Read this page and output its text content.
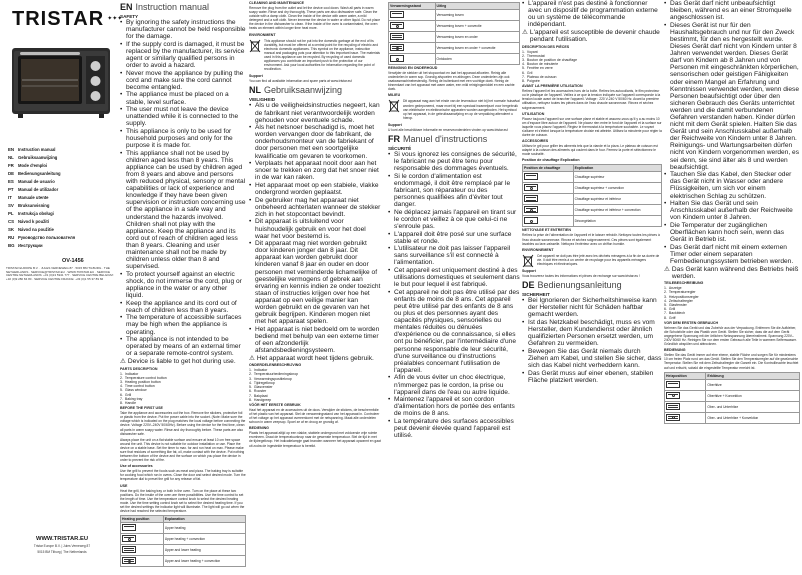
TRISTAR ✦✦✦
EN Instruction manual
NL Gebruiksaanwijzing
FR Mode d'emploi
DE Bedienungsanleitung
ES Manual de usuario
PT	Manual de utilizador
IT	Manuale utente
SV Bruksanvisning
PL	Instrukcja obsługi
CS Návod k použití
SK Návod na použitie
RU Руководство пользователя
BG Инструкции
OV-1456
TRISTAR EUROPE B.V. · JULES VERNEWEG 87 · 5015 BM TILBURG · THE NETHERLANDS · SERVICE@TRISTAR.EU · WWW.TRISTAR.EU · SERVICE CENTRE NETHERLANDS: +31 (0)13 5941 777 · SERVICE CENTRE BELGIUM: +32 (0)9 280 84 80 · SERVICE CENTRE FRANCE: +33 (0)1 55 37 89 66
WWW.TRISTAR.EU
Tristar Europe B.V. | Jules Verneweg 87
5015 BM Tilburg | The Netherlands
EN Instruction manual
SAFETY
• By ignoring the safety instructions the manufacturer cannot be held responsible for the damage.
• If the supply cord is damaged, it must be replaced by the manufacturer, its service agent or similarly qualified persons in order to avoid a hazard.
• Never move the appliance by pulling the cord and make sure the cord cannot become entangled.
• The appliance must be placed on a stable, level surface.
• The user must not leave the device unattended while it is connected to the supply.
• This appliance is only to be used for household purposes and only for the purpose it is made for.
• This appliance shall not be used by children aged less than 8 years. This appliance can be used by children aged from 8 years and above and persons with reduced physical, sensory or mental capabilities or lack of experience and knowledge if they have been given supervision or instruction concerning use of the appliance in a safe way and understand the hazards involved. Children shall not play with the appliance. Keep the appliance and its cord out of reach of children aged less than 8 years. Cleaning and user maintenance shall not be made by children unless older than 8 and supervised.
• To protect yourself against an electric shock, do not immerse the cord, plug or appliance in the water or any other liquid.
• Keep the appliance and its cord out of reach of children less than 8 years.
• The temperature of accessible surfaces may be high when the appliance is operating.
• The appliance is not intended to be operated by means of an external timer or a separate remote-control system.
⚠ Device is liable to get hot during use.
PARTS DESCRIPTION
1. Indicator
2. Temperature control button
3. Heating position button
4. Time control button
5. Glass window
6. Grill
7. Baking tray
8. Handle
BEFORE THE FIRST USE

Take the appliance and accessories out the box. Remove the stickers, protective foil or plastic from the device. Put the power cable into the socket. (Note: Make sure the voltage which is indicated on the plug matches the local voltage before connecting the device. Voltage 220V–240V 50/60Hz). Before using the device for the first time, clean all parts in warm soapy water. Rinse and dry thoroughly before. These parts are also dishwasher safe.

Always place the unit on a flat stable surface and ensure at least 10 cm free space around the unit. This device is not suitable for outdoor installation or use. Place the device on a stable base. Set the timer to max. for and run heat on max. Please make sure that residues of something like fat, oil, make contact with the device. Put nothing between the bottom of the device and the surface on which you place the device in order to prevent the risk of fire.

Use of accessories

Use the grill to prevent the foods such as meat and pizza. The baking tray is suitable for cooking food which run in ovens. Close the door and select desired mode. Turn the temperature dial to preset the grill for any release of fat.

USE

Heat the grill, the baking tray or both in the oven. Turn on the place at these two positions. Do the inside of the oven are three possibilities. Use the time control to set the length of time. Use the temperature control knob to select the desired heating mode. Use the time setting control knob set to select the desired heating time. If you set the desired settings the indicator light will illuminate. The light will go out when the device had reached the selected temperature.

Heating position	Explanation

	Upper heating

	Upper heating + convection

	Upper and lower heating

	Upper and lower heating + convection
CLEANING AND MAINTENANCE

Remove the plug from the outlet and let the device cool down. Wash all parts in warm soapy water. Rinse and dry thoroughly. These parts are also dishwasher safe. Clean the outside with a damp cloth. Clean the inside of the device with warm water, a mild detergent and a soft cloth. Never immerse the device in water or other liquid. Do not place the device in the dishwasher to clean. If the inside of the oven is contaminated, the oven heats an element within longer time heat more.

ENVIRONMENT

This appliance should not be put into the domestic garbage at the end of its durability, but must be offered at a central point for the recycling of electric and electronic domestic appliances. This symbol on the appliance, instruction manual and packaging puts your attention to this important issue. The materials used in this appliance can be recycled. By recycling of used domestic appliances you contribute an important push to the protection of our environment. Ask your local authorities for information regarding the point of recollection.

Support

You can find all available information and spare parts at www.tristar.eu!

NL Gebruiksaanwijzing
VEILIGHEID
• Als u de veiligheidsinstructies negeert, kan de fabrikant niet verantwoordelijk worden gehouden voor eventuele schade.
• Als het netsnoer beschadigd is, moet het worden vervangen door de fabrikant, de onderhoudsmonteur van de fabriekant of door personen met een soortgelijke kwalificatie om gevaren te voorkomen.
• Verplaats het apparaat nooit door aan het snoer te trekken en zorg dat het snoer niet in de war kan raken.
• Het apparaat moet op een stabiele, vlakke ondergrond worden geplaatst.
• De gebruiker mag het apparaat niet onbeheerd achterlaten wanneer de stekker zich in het stopcontact bevindt.
• Dit apparaat is uitsluitend voor huishoudelijk gebruik en voor het doel waar het voor bestemd is.
• Dit apparaat mag niet worden gebruikt door kinderen jonger dan 8 jaar. Dit apparaat kan worden gebruikt door kinderen vanaf 8 jaar en ouder en door personen met verminderde lichamelijke of geestelijke vermogens of gebrek aan ervaring en kennis indien ze onder toezicht staan of instructies krijgen over hoe het apparaat op een veilige manier kan worden gebruikt en de gevaren van het gebruik begrijpen. Kinderen mogen niet met het apparaat spelen.
• Het apparaat is niet bedoeld om te worden bediend met behulp van een externe timer of een afzonderlijk afstandsbedieningsysteem.
⚠ Het apparaat wordt heet tijdens gebruik.
ONDERDELENBESCHRIJVING
1. Indicator
2. Temperatuurbedieningsknop
3. Verwarmingspositieknop
4. Tijdregelknop
5. Glasvenster
6. Rooster
7. Bakplaat
8. Handgreep
VÓÓR HET EERSTE GEBRUIK

Haal het apparaat en de accessoires uit de doos. Verwijder de stickers, de beschermfolie of het plastic van het apparaat. Stel de verwarmingsstand van het apparaat in. Controleer of het voltage op het apparaat overeenkomt met de netspanning. Maak alle onderdelen schoon in warm zeepsop. Spoel ze af en droog ze grondig af.

BEDIENING

Plaats het apparaat altijd op een vlakke, stabiele ondergrond met voldoende vrije ruimte eromheen. Draai de temperatuurknop naar de gewenste temperatuur. Stel de tijd in met de tijdregelknop. Het indicatielampje gaat branden wanneer het apparaat opwarmt en gaat uit zodra de ingestelde temperatuur is bereikt.

Verwarmingsstand	Uitleg

	Verwarming boven

	Verwarming boven + convectie

	Verwarming boven en onder

	Verwarming boven en onder + convectie

	Ontdooien
REINIGING EN ONDERHOUD

Verwijder de stekker uit het stopcontact en laat het apparaat afkoelen. Reinig alle onderdelen in warm sop. Grondig afspoelen en afdrogen. Deze onderdelen zijn ook vaatwasmachinebestendig. Reinig de buitenkant met een vochtige doek. Reinig de binnenkant van het apparaat met warm water, een mild reinigingsmiddel en een zachte doek.

MILIEU

Dit apparaat mag aan het einde van de levensduur niet bij het normale huisafval worden gedeponeerd, maar moet bij een speciaal inzamelpunt voor hergebruik van elektrische en elektronische apparaten worden aangeboden. Het symbool op het apparaat, in de gebruiksaanwijzing en op de verpakking attendeert u hierop.

Support

U kunt alle beschikbare informatie en reserveonderdelen vinden op www.tristar.eu!

FR Manuel d'instructions
SÉCURITÉ
• Si vous ignorez les consignes de sécurité, le fabricant ne peut être tenu pour responsable des dommages éventuels.
• Si le cordon d'alimentation est endommagé, il doit être remplacé par le fabricant, son réparateur ou des personnes qualifiées afin d'éviter tout danger.
• Ne déplacez jamais l'appareil en tirant sur le cordon et veillez à ce que celui-ci ne s'enroule pas.
• L'appareil doit être posé sur une surface stable et ronde.
• L'utilisateur ne doit pas laisser l'appareil sans surveillance s'il est connecté à l'alimentation.
• Cet appareil est uniquement destiné à des utilisations domestiques et seulement dans le but pour lequel il est fabriqué.
• Cet appareil ne doit pas être utilisé par des enfants de moins de 8 ans. Cet appareil peut être utilisé par des enfants de 8 ans ou plus et des personnes ayant des capacités physiques, sensorielles ou mentales réduites ou dénuées d'expérience ou de connaissance, si elles ont pu bénéficier, par l'intermédiaire d'une personne responsable de leur sécurité, d'une surveillance ou d'instructions préalables concernant l'utilisation de l'appareil.
• Afin de vous éviter un choc électrique, n'immergez pas le cordon, la prise ou l'appareil dans de l'eau ou autre liquide.
• Maintenez l'appareil et son cordon d'alimentation hors de portée des enfants de moins de 8 ans.
• La température des surfaces accessibles peut devenir élevée quand l'appareil est utilisé.
• L'appareil n'est pas destiné à fonctionner avec un dispositif de programmation externe ou un système de télécommande indépendant.
⚠ L'appareil est susceptible de devenir chaude pendant l'utilisation.
DESCRIPTION DES PIÈCES
1. Voyant
2. Thermostat
3. Bouton de position de chauffage
4. Bouton de minuterie
5. Fenêtre en verre
6. Gril
7. Plateau de cuisson
8. Poignée
AVANT LA PREMIÈRE UTILISATION

Retirez l'appareil et les accessoires hors de la boîte. Retirez les autocollants, le film protecteur ou le plastique de l'appareil. Veillez à ce que la tension indiquée sur l'appareil corresponde à la tension locale avant de brancher l'appareil. Voltage : 220 V-240 V 50/60 Hz. Avant la première utilisation, nettoyez toutes les pièces dans de l'eau chaude savonneuse. Rincez et séchez soigneusement.

UTILISATION

Placez toujours l'appareil sur une surface plane et stable et assurez-vous qu'il y a au moins 10 cm d'espace libre autour de l'appareil. Ne placez rien entre le fond de l'appareil et la surface sur laquelle vous placez l'appareil. Réglez le thermostat à la température souhaitée. Le voyant s'allume et s'éteint lorsque la température choisie est atteinte. Utilisez la minuterie pour régler la durée de cuisson.

ACCESSOIRES

Utilisez le gril pour griller les aliments tels que la viande et la pizza. Le plateau de cuisson est adapté à la cuisson des aliments qui coulent dans le four. Fermez la porte et sélectionnez le mode souhaité.

Position de chauffage Explication
Position de chauffage	Explication

	Chauffage supérieur

	Chauffage supérieur + convection

	Chauffage supérieur et inférieur

	Chauffage supérieur et inférieur + convection

	Décongélation
NETTOYAGE ET ENTRETIEN

Retirez la prise de l'alimentation de l'appareil et le laisser refroidir. Nettoyez toutes les pièces à l'eau chaude savonneuse. Rincez et séchez soigneusement. Ces pièces sont également lavables au lave-vaisselle. Nettoyez l'extérieur avec un chiffon humide.

ENVIRONNEMENT

Cet appareil ne doit pas être jeté avec les déchets ménagers à la fin de sa durée de vie. Il doit être remis à un centre de recyclage pour les appareils ménagers électriques et électroniques.

Support

Vous trouverez toutes les informations et pièces de rechange sur www.tristar.eu !

DE Bedienungsanleitung
SICHERHEIT
• Bei Ignorieren der Sicherheitshinweise kann der Hersteller nicht für Schäden haftbar gemacht werden.
• Ist das Netzkabel beschädigt, muss es vom Hersteller, dem Kundendienst oder ähnlich qualifizierten Personen ersetzt werden, um Gefahren zu vermeiden.
• Bewegen Sie das Gerät niemals durch Ziehen am Kabel, und stellen Sie sicher, dass sich das Kabel nicht verheddern kann.
• Das Gerät muss auf einer ebenen, stabilen Fläche platziert werden.
• Das Gerät darf nicht unbeaufsichtigt bleiben, während es an einer Stromquelle angeschlossen ist.
• Dieses Gerät ist nur für den Haushaltsgebrauch und nur für den Zweck bestimmt, für den es hergestellt wurde. Dieses Gerät darf nicht von Kindern unter 8 Jahren verwendet werden. Dieses Gerät darf von Kindern ab 8 Jahren und von Personen mit eingeschränkten körperlichen, sensorischen oder geistigen Fähigkeiten oder einem Mangel an Erfahrung und Kenntnissen verwendet werden, wenn diese Personen beaufsichtigt oder über den sicheren Gebrauch des Geräts unterrichtet werden und die damit verbundenen Gefahren verstanden haben. Kinder dürfen nicht mit dem Gerät spielen. Halten Sie das Gerät und sein Anschlusskabel außerhalb der Reichweite von Kindern unter 8 Jahren. Reinigungs- und Wartungsarbeiten dürfen nicht von Kindern vorgenommen werden, es sei denn, sie sind älter als 8 und werden beaufsichtigt.
• Tauchen Sie das Kabel, den Stecker oder das Gerät nicht in Wasser oder andere Flüssigkeiten, um sich vor einem elektrischen Schlag zu schützen.
• Halten Sie das Gerät und sein Anschlusskabel außerhalb der Reichweite von Kindern unter 8 Jahren.
• Die Temperatur der zugänglichen Oberflächen kann hoch sein, wenn das Gerät in Betrieb ist.
• Das Gerät darf nicht mit einem externen Timer oder einem separaten Fernbedienungssystem betrieben werden.
⚠ Das Gerät kann während des Betriebs heiß werden.
TEILEBESCHREIBUNG
1. Anzeige
2. Temperaturregler
3. Heizpositionsregler
4. Zeitschaltregler
5. Glasfenster
6. Grill
7. Backblech
8. Griff
VOR DEM ERSTEN GEBRAUCH

Nehmen Sie das Gerät und das Zubehör aus der Verpackung. Entfernen Sie die Aufkleber, die Schutzfolie oder das Plastik vom Gerät. Stellen Sie sicher, dass die auf dem Gerät angegebene Spannung mit der örtlichen Netzspannung übereinstimmt. Spannung 220V–240V 50/60 Hz. Reinigen Sie vor dem ersten Gebrauch alle Teile in warmem Seifenwasser. Gründlich abspülen und abtrocknen.

BEDIENUNG

Stellen Sie das Gerät immer auf eine ebene, stabile Fläche und sorgen Sie für mindestens 10 cm freien Platz rund um das Gerät. Stellen Sie den Temperaturregler auf die gewünschte Temperatur. Stellen Sie mit dem Zeitschaltregler die Garzeit ein. Die Kontrollleuchte leuchtet auf und erlischt, sobald die eingestellte Temperatur erreicht ist.

Heizposition	Erklärung

	Oberhitze

	Oberhitze + Konvektion

	Ober- und Unterhitze

	Ober- und Unterhitze + Konvektion
